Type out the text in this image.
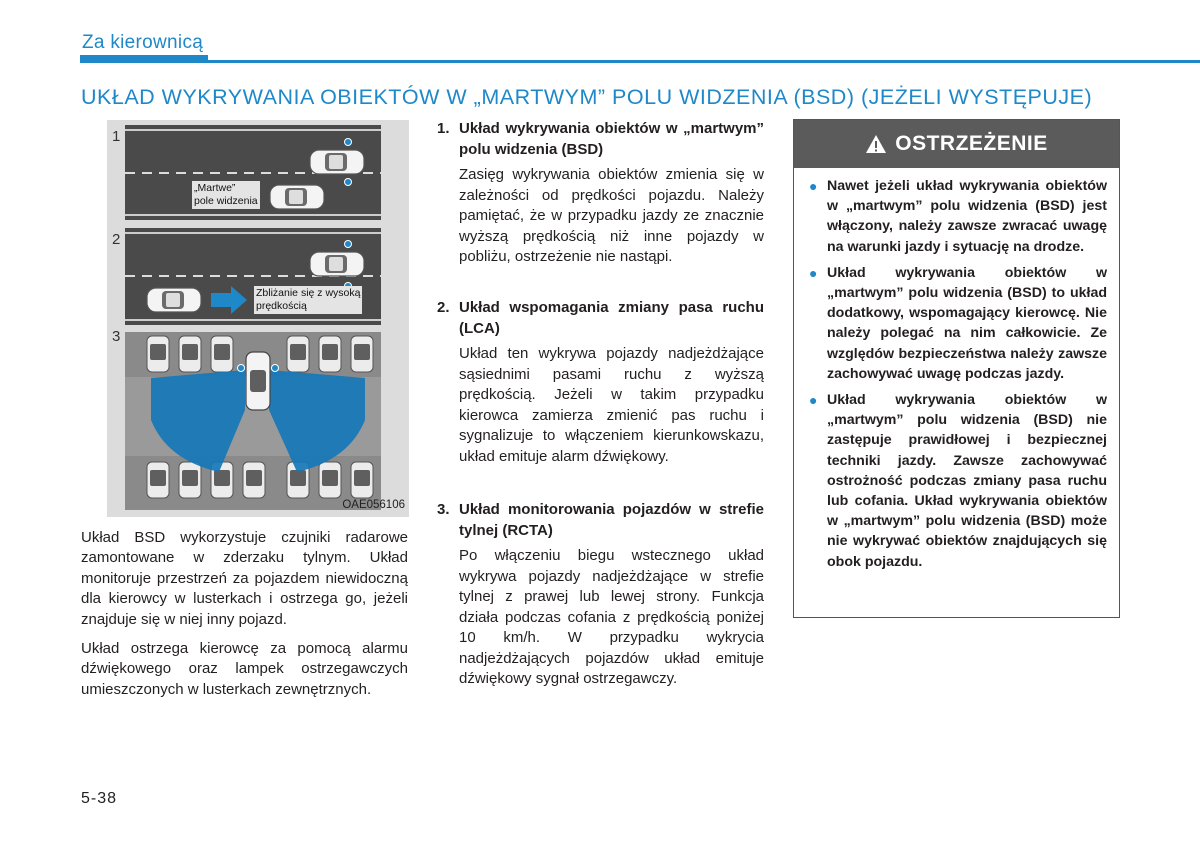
Za kierownicą
UKŁAD WYKRYWANIA OBIEKTÓW W „MARTWYM” POLU WIDZENIA (BSD) (JEŻELI WYSTĘPUJE)
1
2
3
„Martwe”
pole widzenia
Zbliżanie się z wysoką
prędkością
OAE056106

Układ BSD wykorzystuje czujniki radarowe zamontowane w zderzaku tylnym. Układ monitoruje przestrzeń za pojazdem niewidoczną dla kierowcy w lusterkach i ostrzega go, jeżeli znajduje się w niej inny pojazd.

Układ ostrzega kierowcę za pomocą alarmu dźwiękowego oraz lampek ostrzegawczych umieszczonych w lusterkach zewnętrznych.

1. Układ wykrywania obiektów w „martwym” polu widzenia (BSD)
Zasięg wykrywania obiektów zmienia się w zależności od prędkości pojazdu. Należy pamiętać, że w przypadku jazdy ze znacznie wyższą prędkością niż inne pojazdy w pobliżu, ostrzeżenie nie nastąpi.
2. Układ wspomagania zmiany pasa ruchu (LCA)
Układ ten wykrywa pojazdy nadjeżdżające sąsiednimi pasami ruchu z wyższą prędkością. Jeżeli w takim przypadku kierowca zamierza zmienić pas ruchu i sygnalizuje to włączeniem kierunkowskazu, układ emituje alarm dźwiękowy.
3. Układ monitorowania pojazdów w strefie tylnej (RCTA)
Po włączeniu biegu wstecznego układ wykrywa pojazdy nadjeżdżające w strefie tylnej z prawej lub lewej strony. Funkcja działa podczas cofania z prędkością poniżej 10 km/h. W przypadku wykrycia nadjeżdżających pojazdów układ emituje dźwiękowy sygnał ostrzegawczy.
OSTRZEŻENIE
● Nawet jeżeli układ wykrywania obiektów w „martwym” polu widzenia (BSD) jest włączony, należy zawsze zwracać uwagę na warunki jazdy i sytuację na drodze.
● Układ wykrywania obiektów w „martwym” polu widzenia (BSD) to układ dodatkowy, wspomagający kierowcę. Nie należy polegać na nim całkowicie. Ze względów bezpieczeństwa należy zawsze zachowywać uwagę podczas jazdy.
● Układ wykrywania obiektów w „martwym” polu widzenia (BSD) nie zastępuje prawidłowej i bezpiecznej techniki jazdy. Zawsze zachowywać ostrożność podczas zmiany pasa ruchu lub cofania. Układ wykrywania obiektów w „martwym” polu widzenia (BSD) może nie wykrywać obiektów znajdujących się obok pojazdu.
5-38
